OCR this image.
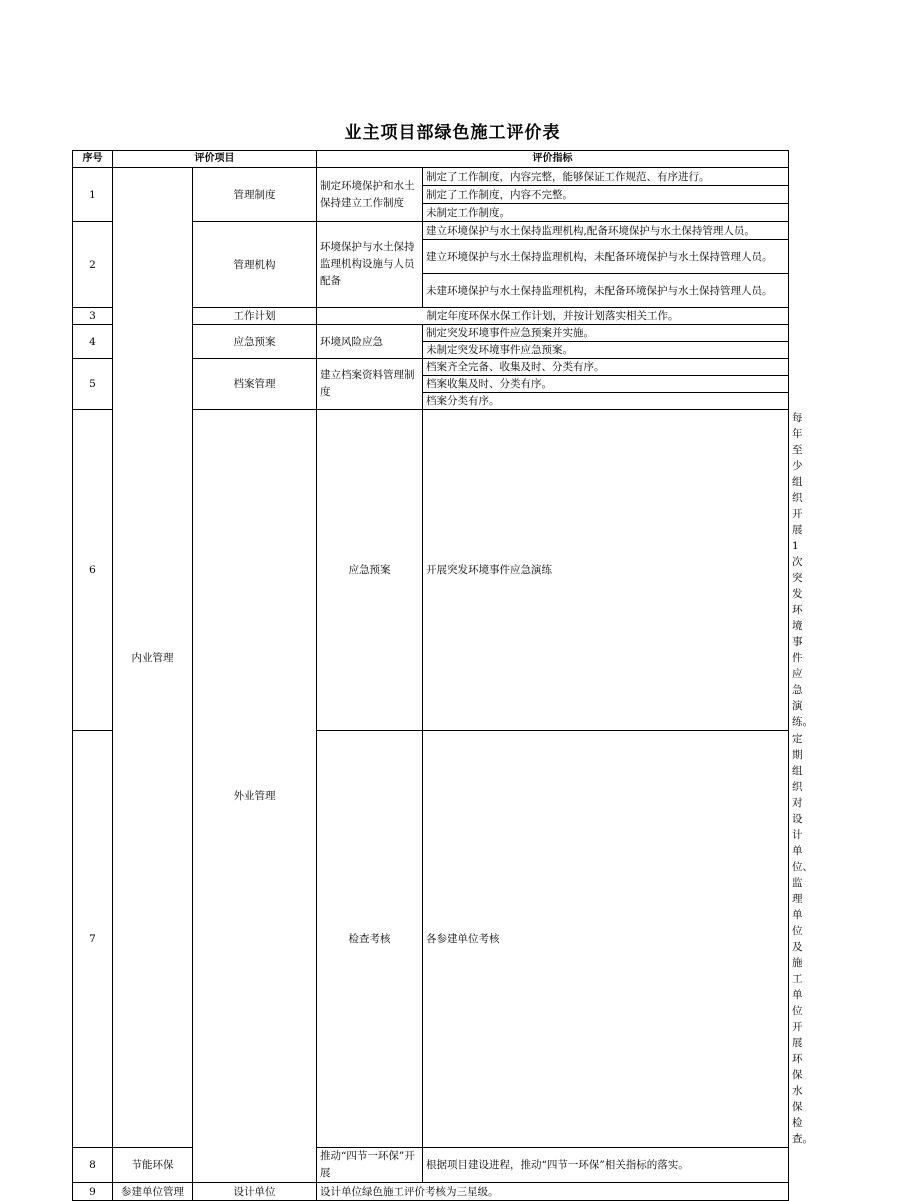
业主项目部绿色施工评价表
序号	评价项目		评价指标		
1	内业管理	管理制度	制定环境保护和水土保持建立工作制度	制定了工作制度，内容完整，能够保证工作规范、有序进行。	
				制定了工作制度，内容不完整。	
				未制定工作制度。	
2		管理机构	环境保护与水土保持监理机构设施与人员配备	建立环境保护与水土保持监理机构,配备环境保护与水土保持管理人员。	
				建立环境保护与水土保持监理机构，未配备环境保护与水土保持管理人员。	
				未建环境保护与水土保持监理机构，未配备环境保护与水土保持管理人员。	
3		工作计划	制定年度环保水保工作计划，并按计划落实相关工作。		
4		应急预案	环境风险应急	制定突发环境事件应急预案并实施。	
				未制定突发环境事件应急预案。	
5		档案管理	建立档案资料管理制度	档案齐全完备、收集及时、分类有序。	
				档案收集及时、分类有序。	
				档案分类有序。	
6		外业管理	应急预案	开展突发环境事件应急演练	每年至少组织开展 1 次突发环境事件应急演练。
7			检查考核	各参建单位考核	定期组织对设计单位、监理单位及施工单位开展环保水保检查。
8	节能环保		推动“四节一环保”开展	根据项目建设进程，推动“四节一环保”相关指标的落实。	
9	参建单位管理	设计单位	设计单位绿色施工评价考核为三星级。		
